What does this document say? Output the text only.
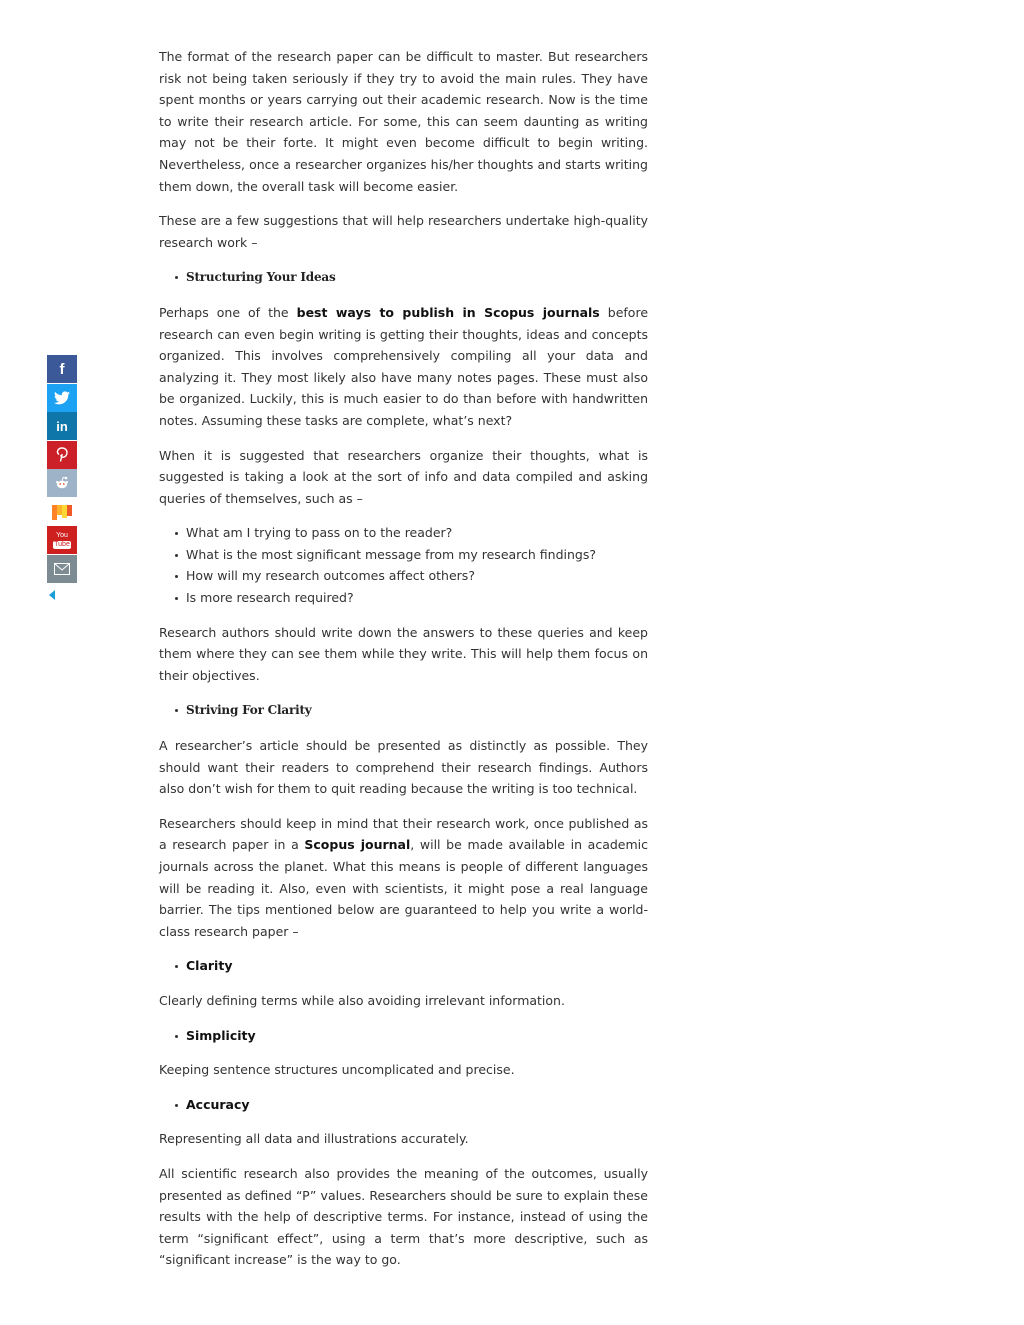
f
in
You
Tube

The format of the research paper can be difficult to master. But researchers risk not being taken seriously if they try to avoid the main rules. They have spent months or years carrying out their academic research. Now is the time to write their research article. For some, this can seem daunting as writing may not be their forte. It might even become difficult to begin writing. Nevertheless, once a researcher organizes his/her thoughts and starts writing them down, the overall task will become easier.

These are a few suggestions that will help researchers undertake high-quality research work –

Structuring Your Ideas

Perhaps one of the best ways to publish in Scopus journals before research can even begin writing is getting their thoughts, ideas and concepts organized. This involves comprehensively compiling all your data and analyzing it. They most likely also have many notes pages. These must also be organized. Luckily, this is much easier to do than before with handwritten notes. Assuming these tasks are complete, what’s next?

When it is suggested that researchers organize their thoughts, what is suggested is taking a look at the sort of info and data compiled and asking queries of themselves, such as –

What am I trying to pass on to the reader?
What is the most significant message from my research findings?
How will my research outcomes affect others?
Is more research required?

Research authors should write down the answers to these queries and keep them where they can see them while they write. This will help them focus on their objectives.

Striving For Clarity

A researcher’s article should be presented as distinctly as possible. They should want their readers to comprehend their research findings. Authors also don’t wish for them to quit reading because the writing is too technical.

Researchers should keep in mind that their research work, once published as a research paper in a Scopus journal, will be made available in academic journals across the planet. What this means is people of different languages will be reading it. Also, even with scientists, it might pose a real language barrier. The tips mentioned below are guaranteed to help you write a world-class research paper –

Clarity

Clearly defining terms while also avoiding irrelevant information.

Simplicity

Keeping sentence structures uncomplicated and precise.

Accuracy

Representing all data and illustrations accurately.

All scientific research also provides the meaning of the outcomes, usually presented as defined “P” values. Researchers should be sure to explain these results with the help of descriptive terms. For instance, instead of using the term “significant effect”, using a term that’s more descriptive, such as “significant increase” is the way to go.
